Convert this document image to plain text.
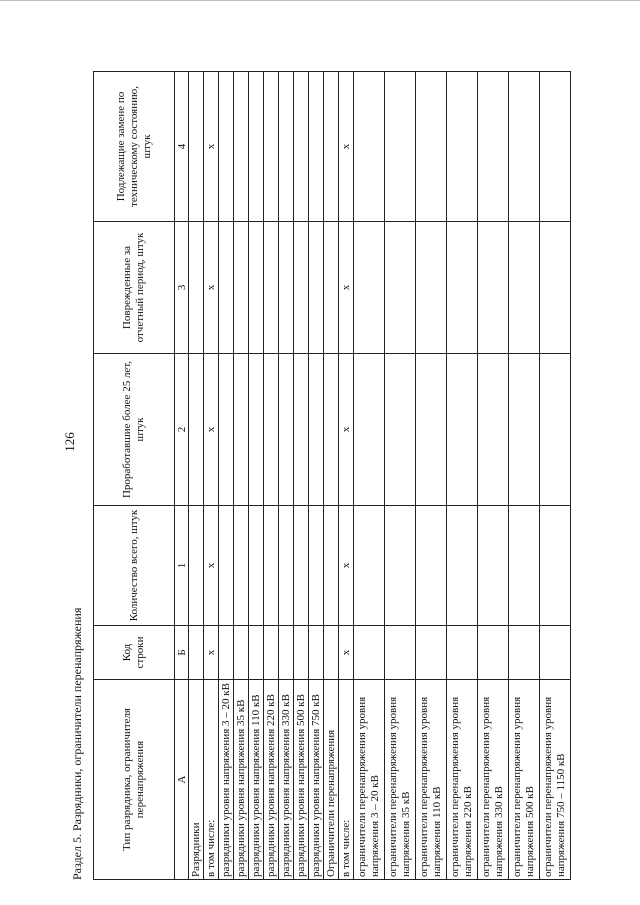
126
Раздел 5. Разрядники, ограничители перенапряжения	Тип разрядника, ограничителя перенапряжения	Код строки	Количество всего, штук	Проработавшие более 25 лет, штук	Поврежденные за отчетный период, штук	Подлежащие замене по техническому состоянию, штук
А	Б	1	2	3	4
Разрядники					
в том числе:	х	х	х	х	х
разрядники уровня напряжения 3 – 20 кВ					
разрядники уровня напряжения 35 кВ					
разрядники уровня напряжения 110 кВ					
разрядники уровня напряжения 220 кВ					
разрядники уровня напряжения 330 кВ					
разрядники уровня напряжения 500 кВ					
разрядники уровня напряжения 750 кВ					
Ограничители перенапряжения					
в том числе:	х	х	х	х	х
ограничители перенапряжения уровня напряжения 3 – 20 кВ					
ограничители перенапряжения уровня напряжения 35 кВ					
ограничители перенапряжения уровня напряжения 110 кВ					
ограничители перенапряжения уровня напряжения 220 кВ					
ограничители перенапряжения уровня напряжения 330 кВ					
ограничители перенапряжения уровня напряжения 500 кВ					
ограничители перенапряжения уровня напряжения 750 – 1150 кВ					
